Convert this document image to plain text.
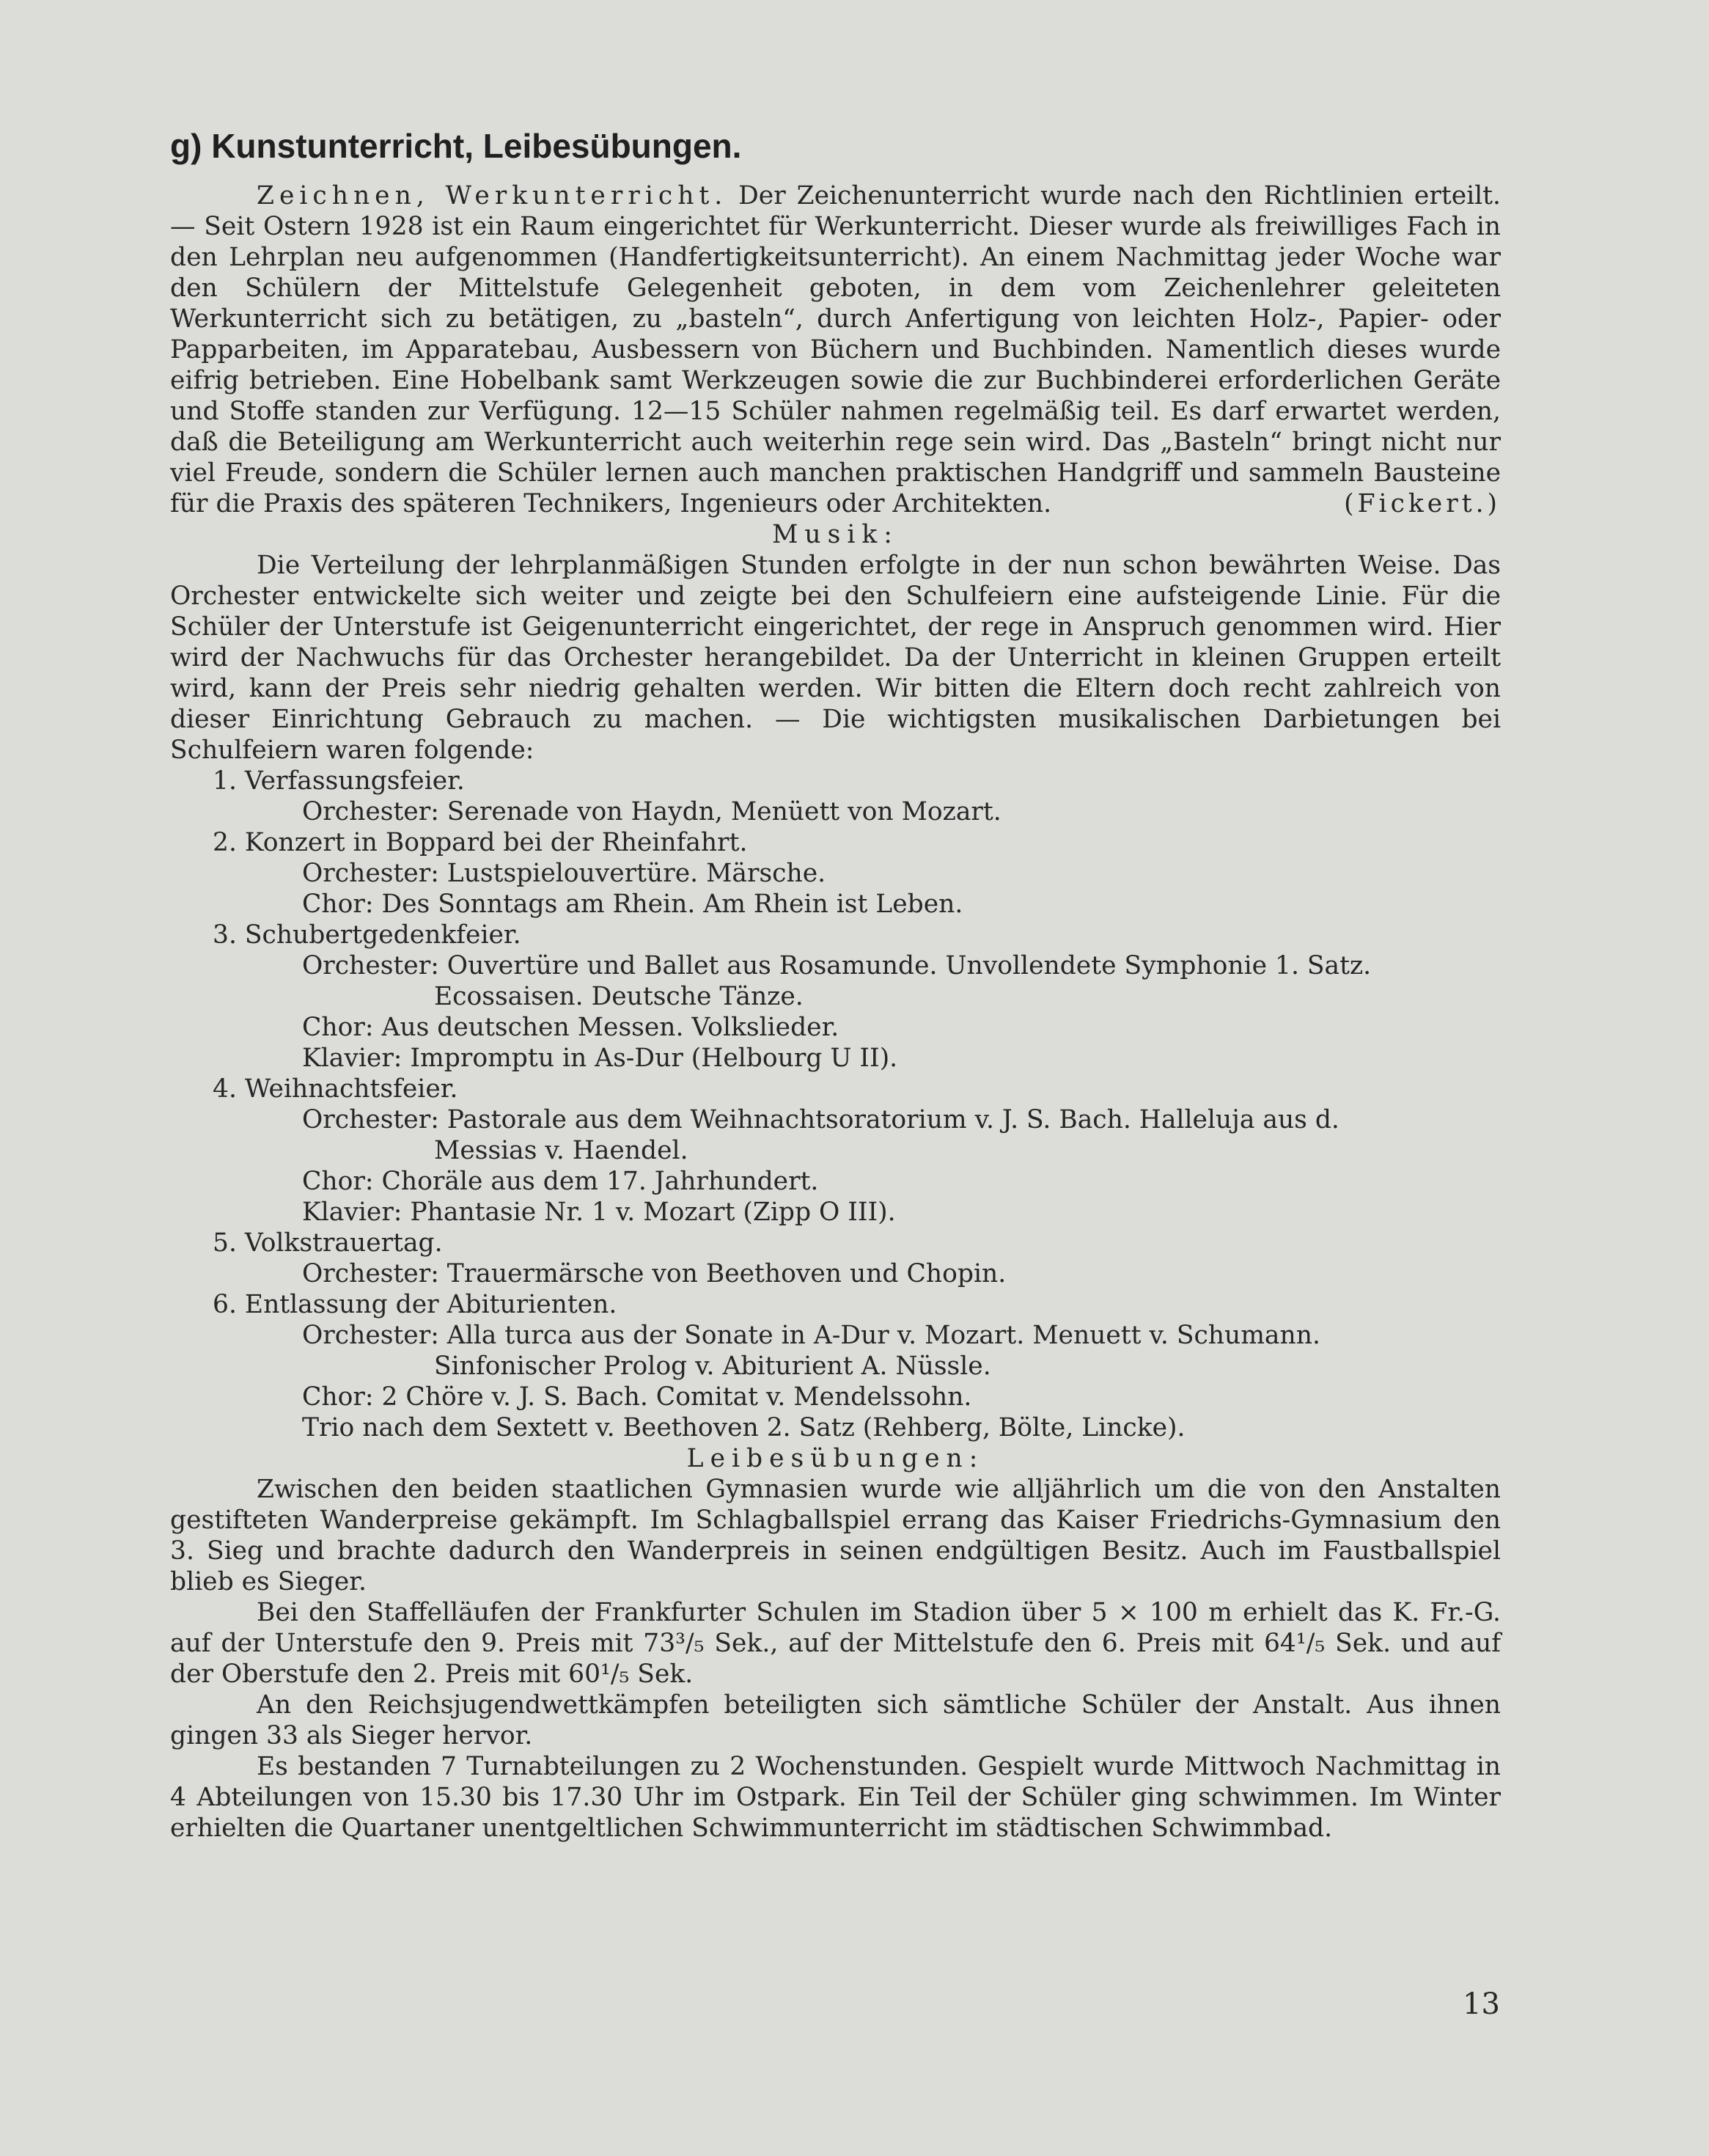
g) Kunstunterricht, Leibesübungen.

Zeichnen, Werkunterricht. Der Zeichenunterricht wurde nach den Richtlinien erteilt. — Seit Ostern 1928 ist ein Raum eingerichtet für Werkunterricht. Dieser wurde als freiwilliges Fach in den Lehrplan neu aufgenommen (Handfertigkeitsunterricht). An einem Nachmittag jeder Woche war den Schülern der Mittelstufe Gelegenheit geboten, in dem vom Zeichenlehrer geleiteten Werkunterricht sich zu betätigen, zu „basteln“, durch Anfertigung von leichten Holz-, Papier- oder Papparbeiten, im Apparatebau, Ausbessern von Büchern und Buchbinden. Namentlich dieses wurde eifrig betrieben. Eine Hobelbank samt Werkzeugen sowie die zur Buchbinderei erforderlichen Geräte und Stoffe standen zur Verfügung. 12—15 Schüler nahmen regelmäßig teil. Es darf erwartet werden, daß die Beteiligung am Werkunterricht auch weiterhin rege sein wird. Das „Basteln“ bringt nicht nur viel Freude, sondern die Schüler lernen auch manchen praktischen Handgriff und sammeln Bausteine für die Praxis des späteren Technikers, Ingenieurs oder Architekten.	(Fickert.)

Musik:

Die Verteilung der lehrplanmäßigen Stunden erfolgte in der nun schon bewährten Weise. Das Orchester entwickelte sich weiter und zeigte bei den Schulfeiern eine aufsteigende Linie. Für die Schüler der Unterstufe ist Geigenunterricht eingerichtet, der rege in Anspruch genommen wird. Hier wird der Nachwuchs für das Orchester herangebildet. Da der Unterricht in kleinen Gruppen erteilt wird, kann der Preis sehr niedrig gehalten werden. Wir bitten die Eltern doch recht zahlreich von dieser Einrichtung Gebrauch zu machen. — Die wichtigsten musikalischen Darbietungen bei Schulfeiern waren folgende:

1. Verfassungsfeier.

Orchester: Serenade von Haydn, Menüett von Mozart.

2. Konzert in Boppard bei der Rheinfahrt.

Orchester: Lustspielouvertüre. Märsche.

Chor: Des Sonntags am Rhein. Am Rhein ist Leben.

3. Schubertgedenkfeier.

Orchester: Ouvertüre und Ballet aus Rosamunde. Unvollendete Symphonie 1. Satz.

Ecossaisen. Deutsche Tänze.

Chor: Aus deutschen Messen. Volkslieder.

Klavier: Impromptu in As-Dur (Helbourg U II).

4. Weihnachtsfeier.

Orchester: Pastorale aus dem Weihnachtsoratorium v. J. S. Bach. Halleluja aus d.

Messias v. Haendel.

Chor: Choräle aus dem 17. Jahrhundert.

Klavier: Phantasie Nr. 1 v. Mozart (Zipp O III).

5. Volkstrauertag.

Orchester: Trauermärsche von Beethoven und Chopin.

6. Entlassung der Abiturienten.

Orchester: Alla turca aus der Sonate in A-Dur v. Mozart. Menuett v. Schumann.

Sinfonischer Prolog v. Abiturient A. Nüssle.

Chor: 2 Chöre v. J. S. Bach. Comitat v. Mendelssohn.

Trio nach dem Sextett v. Beethoven 2. Satz (Rehberg, Bölte, Lincke).

Leibesübungen:

Zwischen den beiden staatlichen Gymnasien wurde wie alljährlich um die von den Anstalten gestifteten Wanderpreise gekämpft. Im Schlagballspiel errang das Kaiser Friedrichs-Gymnasium den 3. Sieg und brachte dadurch den Wanderpreis in seinen endgültigen Besitz. Auch im Faustballspiel blieb es Sieger.

Bei den Staffelläufen der Frankfurter Schulen im Stadion über 5 × 100 m erhielt das K. Fr.-G. auf der Unterstufe den 9. Preis mit 73³/₅ Sek., auf der Mittelstufe den 6. Preis mit 64¹/₅ Sek. und auf der Oberstufe den 2. Preis mit 60¹/₅ Sek.

An den Reichsjugendwettkämpfen beteiligten sich sämtliche Schüler der Anstalt. Aus ihnen gingen 33 als Sieger hervor.

Es bestanden 7 Turnabteilungen zu 2 Wochenstunden. Gespielt wurde Mittwoch Nachmittag in 4 Abteilungen von 15.30 bis 17.30 Uhr im Ostpark. Ein Teil der Schüler ging schwimmen. Im Winter erhielten die Quartaner unentgeltlichen Schwimmunterricht im städtischen Schwimmbad.

13
